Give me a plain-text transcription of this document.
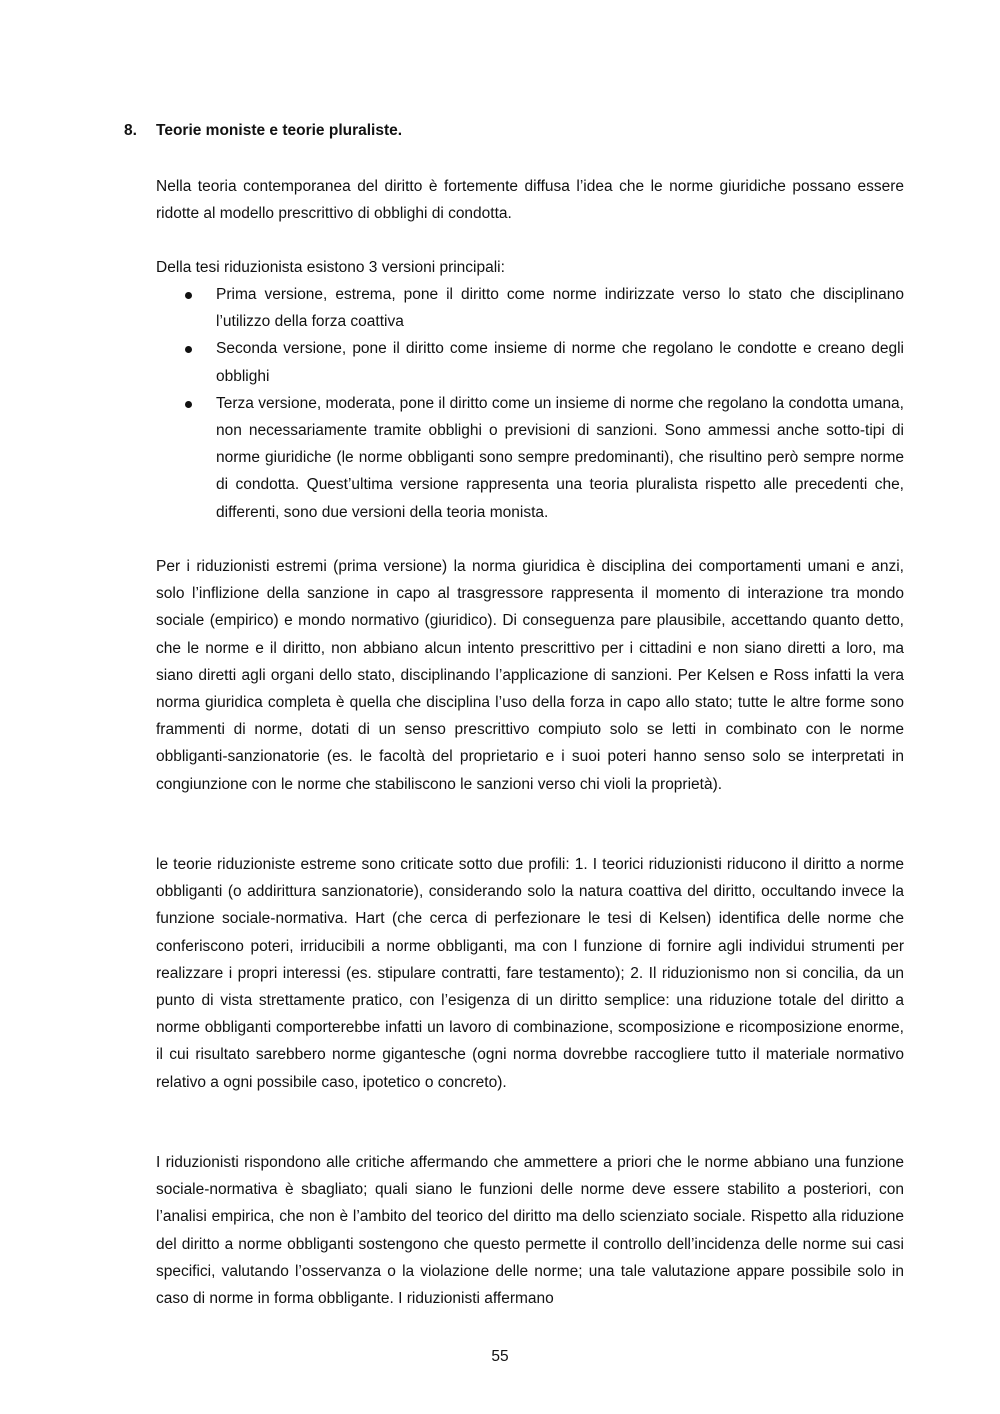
8. Teorie moniste e teorie pluraliste.

Nella teoria contemporanea del diritto è fortemente diffusa l’idea che le norme giuridiche possano essere ridotte al modello prescrittivo di obblighi di condotta.

Della tesi riduzionista esistono 3 versioni principali:

Prima versione, estrema, pone il diritto come norme indirizzate verso lo stato che disciplinano l’utilizzo della forza coattiva
Seconda versione, pone il diritto come insieme di norme che regolano le condotte e creano degli obblighi
Terza versione, moderata, pone il diritto come un insieme di norme che regolano la condotta umana, non necessariamente tramite obblighi o previsioni di sanzioni. Sono ammessi anche sotto-tipi di norme giuridiche (le norme obbliganti sono sempre predominanti), che risultino però sempre norme di condotta. Quest’ultima versione rappresenta una teoria pluralista rispetto alle precedenti che, differenti, sono due versioni della teoria monista.

Per i riduzionisti estremi (prima versione) la norma giuridica è disciplina dei comportamenti umani e anzi, solo l’inflizione della sanzione in capo al trasgressore rappresenta il momento di interazione tra mondo sociale (empirico) e mondo normativo (giuridico). Di conseguenza pare plausibile, accettando quanto detto, che le norme e il diritto, non abbiano alcun intento prescrittivo per i cittadini e non siano diretti a loro, ma siano diretti agli organi dello stato, disciplinando l’applicazione di sanzioni. Per Kelsen e Ross infatti la vera norma giuridica completa è quella che disciplina l’uso della forza in capo allo stato; tutte le altre forme sono frammenti di norme, dotati di un senso prescrittivo compiuto solo se letti in combinato con le norme obbliganti-sanzionatorie (es. le facoltà del proprietario e i suoi poteri hanno senso solo se interpretati in congiunzione con le norme che stabiliscono le sanzioni verso chi violi la proprietà).

le teorie riduzioniste estreme sono criticate sotto due profili: 1. I teorici riduzionisti riducono il diritto a norme obbliganti (o addirittura sanzionatorie), considerando solo la natura coattiva del diritto, occultando invece la funzione sociale-normativa. Hart (che cerca di perfezionare le tesi di Kelsen) identifica delle norme che conferiscono poteri, irriducibili a norme obbliganti, ma con l funzione di fornire agli individui strumenti per realizzare i propri interessi (es. stipulare contratti, fare testamento); 2. Il riduzionismo non si concilia, da un punto di vista strettamente pratico, con l’esigenza di un diritto semplice: una riduzione totale del diritto a norme obbliganti comporterebbe infatti un lavoro di combinazione, scomposizione e ricomposizione enorme, il cui risultato sarebbero norme gigantesche (ogni norma dovrebbe raccogliere tutto il materiale normativo relativo a ogni possibile caso, ipotetico o concreto).

I riduzionisti rispondono alle critiche affermando che ammettere a priori che le norme abbiano una funzione sociale-normativa è sbagliato; quali siano le funzioni delle norme deve essere stabilito a posteriori, con l’analisi empirica, che non è l’ambito del teorico del diritto ma dello scienziato sociale. Rispetto alla riduzione del diritto a norme obbliganti sostengono che questo permette il controllo dell’incidenza delle norme sui casi specifici, valutando l’osservanza o la violazione delle norme; una tale valutazione appare possibile solo in caso di norme in forma obbligante. I riduzionisti affermano

55
